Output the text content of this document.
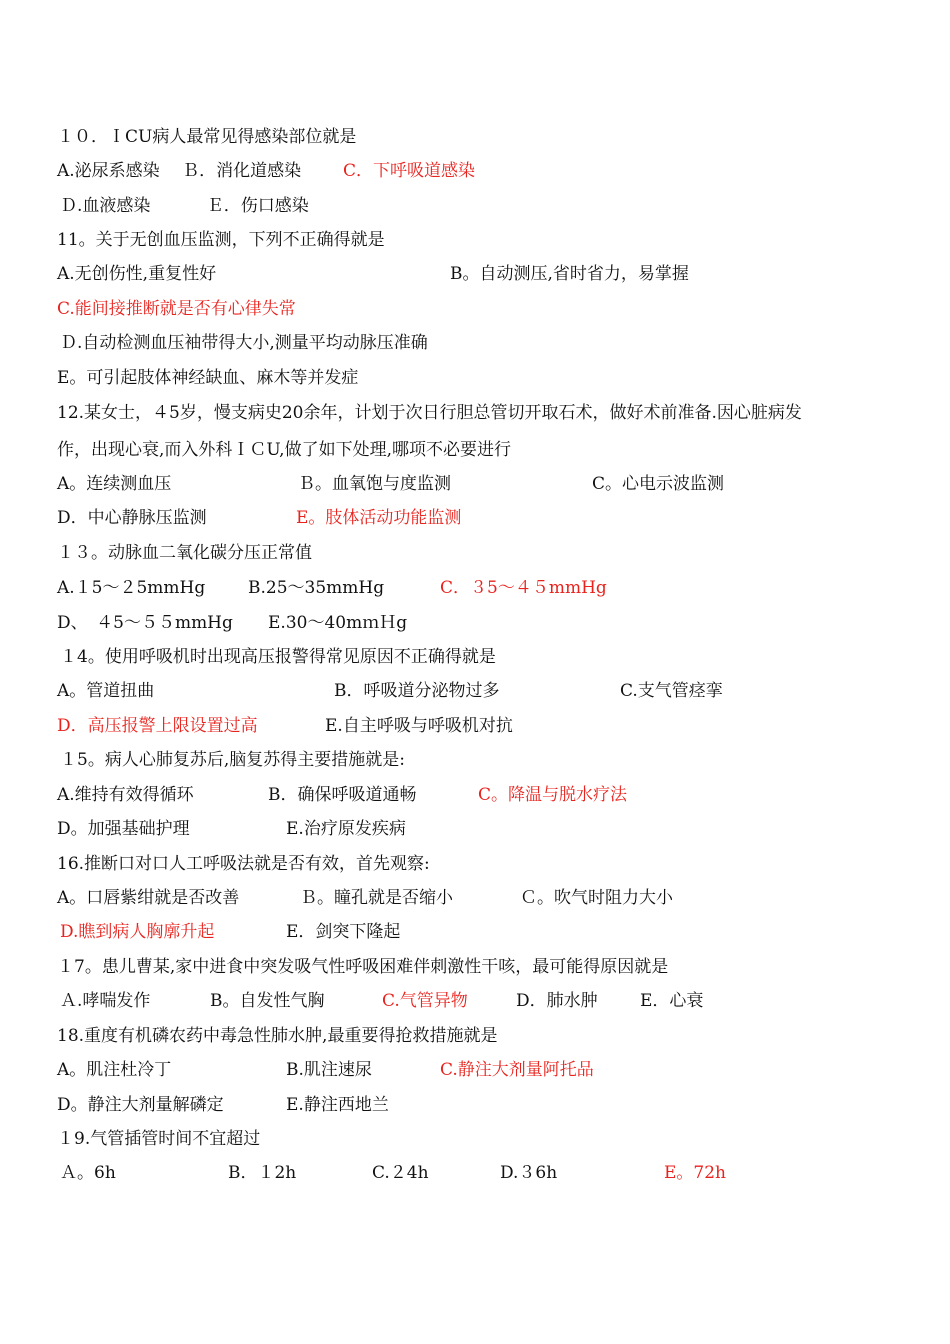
１０．ＩCU病人最常见得感染部位就是
A.泌尿系感染 　Ｂ．消化道感染 C．下呼吸道感染
Ｄ.血液感染 　　　Ｅ．伤口感染
11。关于无创血压监测，下列不正确得就是
A.无创伤性,重复性好	B。自动测压,省时省力，易掌握
C.能间接推断就是否有心律失常
Ｄ.自动检测血压袖带得大小,测量平均动脉压准确
E。可引起肢体神经缺血、麻木等并发症
12.某女士，４5岁，慢支病史20余年，计划于次日行胆总管切开取石术，做好术前准备.因心脏病发
作，出现心衰,而入外科ＩＣU,做了如下处理,哪项不必要进行
A。连续测血压	Ｂ。血氧饱与度监测	C。心电示波监测
D．中心静脉压监测	E。肢体活动功能监测
１３。动脉血二氧化碳分压正常值
A.１5～２5mmHg	B.25～35mmHg	C．３5～４５mmHg
D、　４5～５５mmHg E.30～40mｍＨg
１4。使用呼吸机时出现高压报警得常见原因不正确得就是
A。管道扭曲	B．呼吸道分泌物过多	C.支气管痉挛
D．高压报警上限设置过高	E.自主呼吸与呼吸机对抗
１5。病人心肺复苏后,脑复苏得主要措施就是:
A.维持有效得循环	B．确保呼吸道通畅	C。降温与脱水疗法
D。加强基础护理	E.治疗原发疾病
16.推断口对口人工呼吸法就是否有效，首先观察:
A。口唇紫绀就是否改善	Ｂ。瞳孔就是否缩小	Ｃ。吹气时阻力大小
D.瞧到病人胸廓升起	E．剑突下隆起
１7。患儿曹某,家中进食中突发吸气性呼吸困难伴刺激性干咳，最可能得原因就是
Ａ.哮喘发作	B。自发性气胸	C.气管异物	D．肺水肿 E．心衰
18.重度有机磷农药中毒急性肺水肿,最重要得抢救措施就是
A。肌注杜冷丁	B.肌注速尿	C.静注大剂量阿托品
D。静注大剂量解磷定	E.静注西地兰
１9.气管插管时间不宜超过
Ａ。6h	B．１2h	C.２4h	D.３6h	E。72h
